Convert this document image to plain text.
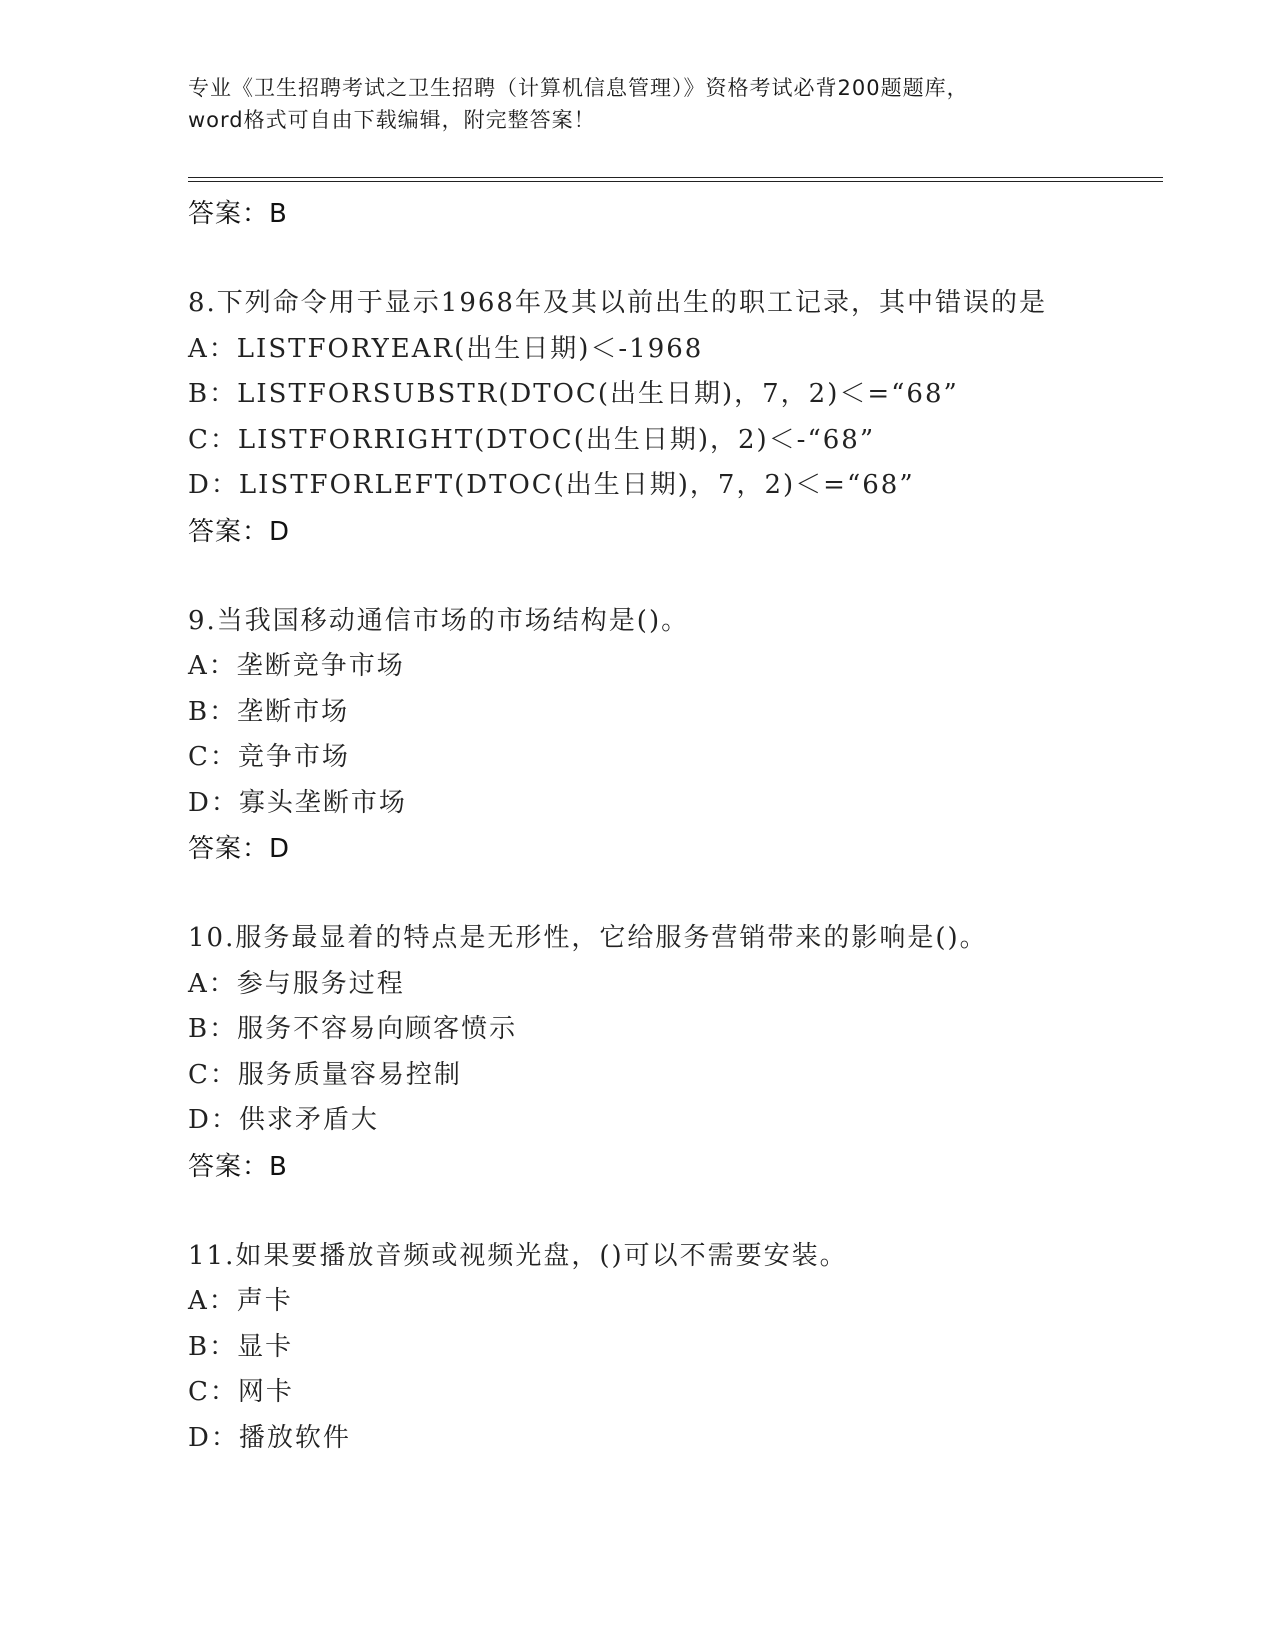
专业《卫生招聘考试之卫生招聘（计算机信息管理）》资格考试必背200题题库，
word格式可自由下载编辑，附完整答案！
答案：B
8.下列命令用于显示1968年及其以前出生的职工记录，其中错误的是
A：LISTFORYEAR(出生日期)＜-1968
B：LISTFORSUBSTR(DTOC(出生日期)，7，2)＜=“68”
C：LISTFORRIGHT(DTOC(出生日期)，2)＜-“68”
D：LISTFORLEFT(DTOC(出生日期)，7，2)＜=“68”
答案：D
9.当我国移动通信市场的市场结构是()。
A：垄断竞争市场
B：垄断市场
C：竞争市场
D：寡头垄断市场
答案：D
10.服务最显着的特点是无形性，它给服务营销带来的影响是()。
A：参与服务过程
B：服务不容易向顾客愤示
C：服务质量容易控制
D：供求矛盾大
答案：B
11.如果要播放音频或视频光盘，()可以不需要安装。
A：声卡
B：显卡
C：网卡
D：播放软件
